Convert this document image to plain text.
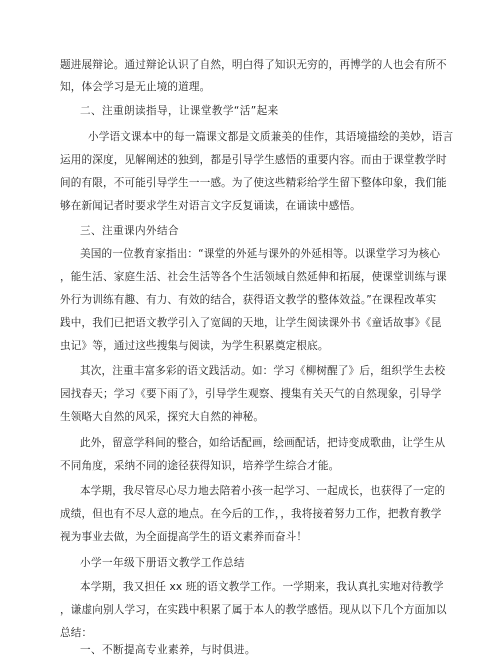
题进展辩论。通过辩论认识了自然，明白得了知识无穷的，再博学的人也会有所不
知，体会学习是无止境的道理。
二、注重朗读指导，让课堂教学“活”起来
小学语文课本中的每一篇课文都是文质兼美的佳作，其语境描绘的美妙，语言
运用的深度，见解阐述的独到，都是引导学生感悟的重要内容。而由于课堂教学时
间的有限，不可能引导学生一一感。为了使这些精彩给学生留下整体印象，我们能
够在新闻记者时要求学生对语言文字反复诵读，在诵读中感悟。
三、注重课内外结合
美国的一位教育家指出：“课堂的外延与课外的外延相等。以课堂学习为核心
，能生活、家庭生活、社会生活等各个生活领域自然延伸和拓展，使课堂训练与课
外行为训练有趣、有力、有效的结合，获得语文教学的整体效益。”在课程改革实
践中，我们已把语文教学引入了宽阔的天地，让学生阅读课外书《童话故事》《昆
虫记》等，通过这些搜集与阅读，为学生积累奠定根底。
其次，注重丰富多彩的语文践活动。如：学习《柳树醒了》后，组织学生去校
园找春天；学习《要下雨了》，引导学生观察、搜集有关天气的自然现象，引导学
生领略大自然的风采，探究大自然的神秘。
此外，留意学科间的整合，如给话配画，绘画配话，把诗变成歌曲，让学生从
不同角度，采纳不同的途径获得知识，培养学生综合才能。
本学期，我尽管尽心尽力地去陪着小孩一起学习、一起成长，也获得了一定的
成绩，但也有不尽人意的地点。在今后的工作，，我将接着努力工作，把教育教学
视为事业去做，为全面提高学生的语文素养而奋斗！
小学一年级下册语文教学工作总结
本学期，我又担任 xx 班的语文教学工作。一学期来，我认真扎实地对待教学
，谦虚向别人学习，在实践中积累了属于本人的教学感悟。现从以下几个方面加以
总结：
一、不断提高专业素养，与时俱进。
